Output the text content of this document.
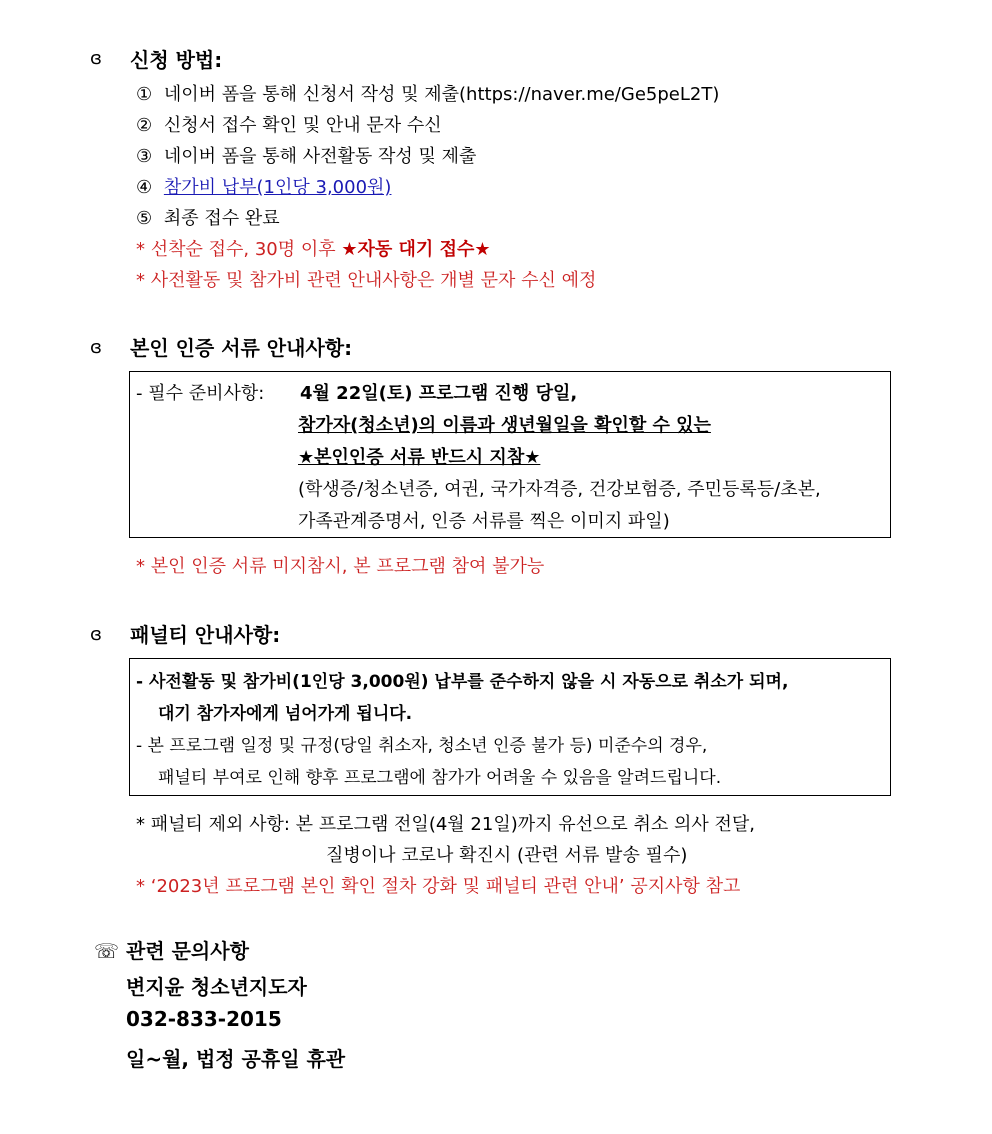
ɞ 신청 방법:
① 네이버 폼을 통해 신청서 작성 및 제출(https://naver.me/Ge5peL2T)
② 신청서 접수 확인 및 안내 문자 수신
③ 네이버 폼을 통해 사전활동 작성 및 제출
④ 참가비 납부(1인당 3,000원)
⑤ 최종 접수 완료
* 선착순 접수, 30명 이후 ★자동 대기 접수★
* 사전활동 및 참가비 관련 안내사항은 개별 문자 수신 예정
ɞ 본인 인증 서류 안내사항:
- 필수 준비사항: 4월 22일(토) 프로그램 진행 당일,
참가자(청소년)의 이름과 생년월일을 확인할 수 있는
★본인인증 서류 반드시 지참★
(학생증/청소년증, 여권, 국가자격증, 건강보험증, 주민등록등/초본,
가족관계증명서, 인증 서류를 찍은 이미지 파일)
* 본인 인증 서류 미지참시, 본 프로그램 참여 불가능
ɞ 패널티 안내사항:
- 사전활동 및 참가비(1인당 3,000원) 납부를 준수하지 않을 시 자동으로 취소가 되며,
대기 참가자에게 넘어가게 됩니다.
- 본 프로그램 일정 및 규정(당일 취소자, 청소년 인증 불가 등) 미준수의 경우,
패널티 부여로 인해 향후 프로그램에 참가가 어려울 수 있음을 알려드립니다.
* 패널티 제외 사항: 본 프로그램 전일(4월 21일)까지 유선으로 취소 의사 전달,
질병이나 코로나 확진시 (관련 서류 발송 필수)
* ‘2023년 프로그램 본인 확인 절차 강화 및 패널티 관련 안내’ 공지사항 참고
☏ 관련 문의사항
변지윤 청소년지도자
032-833-2015
일~월, 법정 공휴일 휴관
